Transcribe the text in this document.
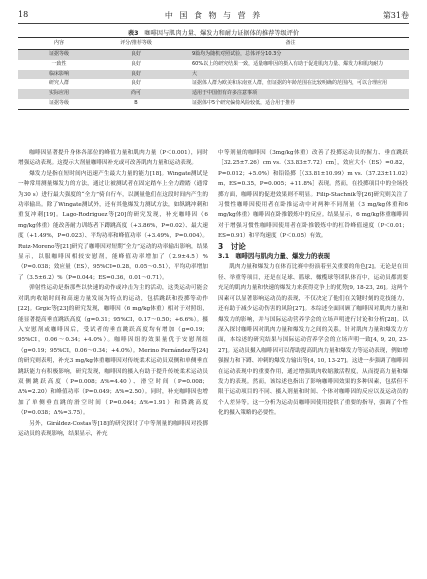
18	中 国 食 物 与 营 养	第31卷
表3 咖啡因与肌肉力量、爆发力和耐力证据体的推荐等级评价
内容	评分/推荐等级	备注
证据等级	良好	9篇均为随机对照试验，总体评分10.3分
一致性	良好	60%以上的研究结果一致，适量咖啡因的摄入有助于促进肌肉力量、爆发力和肌肉耐力
临床影响	良好	大
研究人群	良好	证据体人群为欧美和东南亚人群，但证据的年龄范围在比较明确的范围内，可以合理应用
实际应用	尚可	适用于中国但有许多注意事项
证据等级	B	证据体中5个研究偏倚风险较低，适合用于推荐

咖啡因显著提升身体各部位的峰值力量和肌肉力量（P＜0.001），同时增强运动表现。这提示大剂量咖啡因补充或可改善肌肉力量和运动表现。

爆发力是指在短时间内迅速产生最大力量的能力[18]。Wingate测试是一种常用测量爆发力的方法，通过让被测试者在固定踏车上全力蹬踏（通常为30 s）进行最大强度的“全力”骑自行车，以测量他们在这段时间内产生的功率输出。除了Wingate测试外，还有其他爆发力测试方法，如纵跳冲刺和重复冲刺[19]。Lago-Rodriguez等[20]的研究发现，补充咖啡因（6 mg/kg体重）能改善耐力训练者下蹲跳高度（+3.86%，P=0.02）、最大速度（+1.49%，P=0.023）、平均功率和峰值功率（+3.49%，P=0.004）。Ruiz-Moreno等[21]研究了咖啡因对短期“全力”运动的功率输出影响，结果显示，以服咖啡因相较安慰剂，能峰值功率增加了（2.9±4.5）%（P=0.038；效应量（ES），95%CI=0.28，0.05～0.51），平均功率增加了（3.5±6.2）%（P=0.044；ES=0.36，0.01～0.71）。

弹射性运动是指那些以快速的动作或冲击为主的活动，这类运动可能会对肌肉收缩时间和高速力量发展为特点的运动，包括跳跃和投掷等动作[22]。Grgic等[23]的研究发现，咖啡因（6 mg/kg体重）相对于对照组，能显著提高垂直跳跃高度（g=0.31；95%CI，0.17～0.50；+6.6%）。摄入安慰剂或咖啡因后，受试者的垂直跳跃高度均有增加（g=0.19；95%CI，0.06～0.34；+4.0%）。咖啡因组的效果量优于安慰剂组（g=0.19；95%CI，0.06～0.34；+4.0%）。Merino Fernández等[24]的研究则表明，补充3 mg/kg体重咖啡因对传统柔术运动员双侧和单侧垂直跳跃能力有积极影响，研究发现，咖啡因的摄入有助于提升传统柔术运动员双侧跳跃高度（P=0.008；Δ%=4.40）、滑空时间（P=0.008；Δ%=2.20）和峰值功率（P=0.049；Δ%=2.50）。同时，补充咖啡因也增加了单侧垂直跳的滑空时间（P=0.044；Δ%=1.91）和降跳高度（P=0.038；Δ%=3.75）。

另外，Giráldez-Costas等[18]的研究探讨了中等剂量的咖啡因对投掷运动员的表现影响，结果显示，补充

中等剂量的咖啡因（3mg/kg体重）改善了投掷运动员的握力、垂直跳跃［32.25±7.26）cm vs.（33.83±7.72）cm］，效应大小（ES）=0.82，P=0.012；+5.0%）和铅铅掷［（33.81±10.99）m vs.（37.23±11.02）m，ES=0.35，P=0.005；+11.8%］表现。然而，在投掷项目中的全场投掷方面，咖啡因的促进效果则不明显。Filip-Stachnik等[26]研究则关注了习惯性咖啡因使用者在卧推运动中对两种不同剂量（3 mg/kg体重和6 mg/kg体重）咖啡因在卧推锻炼中的反应。结果显示，6 mg/kg体重咖啡因对于增强习惯性咖啡因使用者在卧推锻炼中的杠铃峰值速度（P＜0.01；ES=0.91）和平均速度（P＜0.05）有效。

3　讨论

3.1　咖啡因与肌肉力量、爆发力的表现

肌肉力量和爆发力在体育比赛中扮演着至关重要的角色[2]。无论是在田径、举重等项目，还是在足球、篮球、橄榄球等团队体育中，运动员都需要充足的肌肉力量和快速的爆发力来获得竞争上的优势[9, 18-23, 26]。这两个因素可以显著影响运动员的表现，不仅决定了他们在关键时刻的竞技能力，还有助于减少运动伤害的风险[27]。本综述全面回顾了咖啡因对肌肉力量和爆发力的影响，并与国际运动营养学会的立场声明进行讨论和分析[28]。以深入探讨咖啡因对肌肉力量和爆发力之间的关系。针对肌肉力量和爆发力方面，本综述的研究结果与国际运动营养学会的立场声明一致[4, 9, 20, 23-27]。运动员摄入咖啡因可以帮助提高肌肉力量和爆发力等运动表现，例如增强握力和下蹲、冲刺的爆发力输出等[4, 10, 13-27]。这进一步强调了咖啡因在运动表现中的重要作用，通过增强肌肉收缩激活程度，从而提高力量和爆发力的表现。然而，该综述也指出了影响咖啡因效果的多种因素，包括但不限于运动项目的不同、摄入剂量和时间、个体对咖啡因的反应以及运动员的个人差异等。这一分析为运动员咖啡因使用提供了重要的指导，强调了个性化的摄入策略的必要性。
